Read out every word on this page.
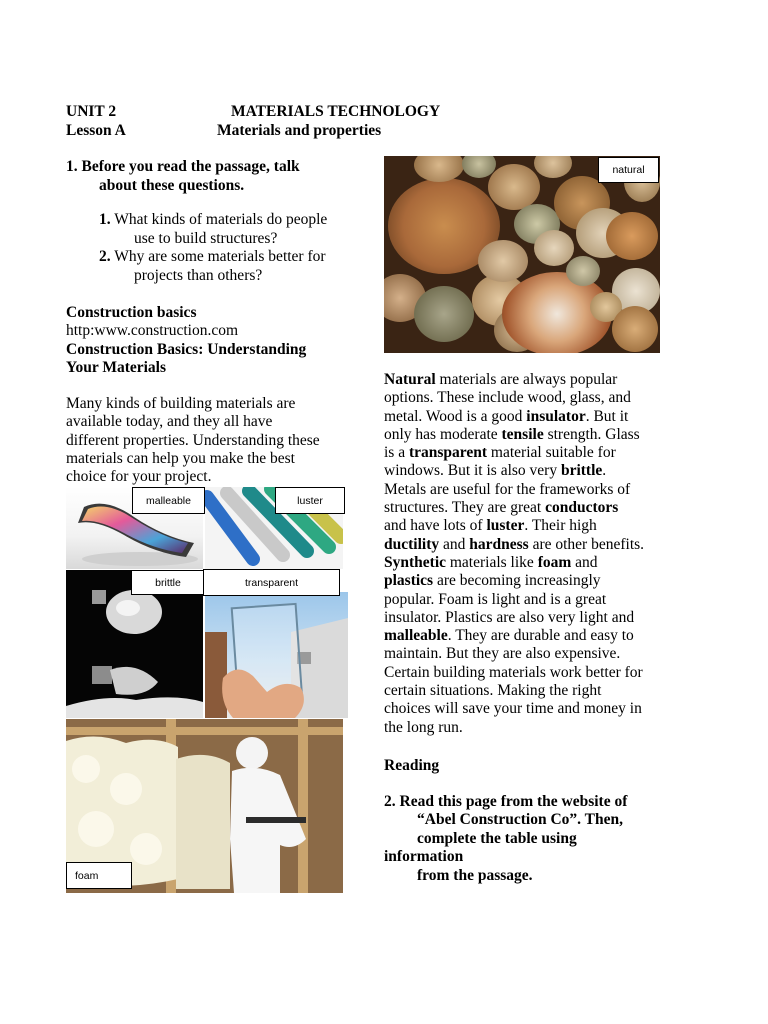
UNIT 2	MATERIALS TECHNOLOGY
Lesson A	Materials and properties
1. Before you read the passage, talk
about these questions.
1. What kinds of materials do people
use to build structures?
2. Why are some materials better for
projects than others?
Construction basics
http:www.construction.com
Construction Basics: Understanding
Your Materials
Many kinds of building materials are
available today, and they all have
different properties. Understanding these
materials can help you make the best
choice for your project.
natural
malleable	luster
brittle	transparent
foam
Natural materials are always popular
options. These include wood, glass, and
metal. Wood is a good insulator. But it
only has moderate tensile strength. Glass
is a transparent material suitable for
windows. But it is also very brittle.
Metals are useful for the frameworks of
structures. They are great conductors
and have lots of luster. Their high
ductility and hardness are other benefits.
Synthetic materials like foam and
plastics are becoming increasingly
popular. Foam is light and is a great
insulator. Plastics are also very light and
malleable. They are durable and easy to
maintain. But they are also expensive.
Certain building materials work better for
certain situations. Making the right
choices will save your time and money in
the long run.
Reading
2. Read this page from the website of
“Abel Construction Co”. Then,
complete the table using
information
from the passage.
